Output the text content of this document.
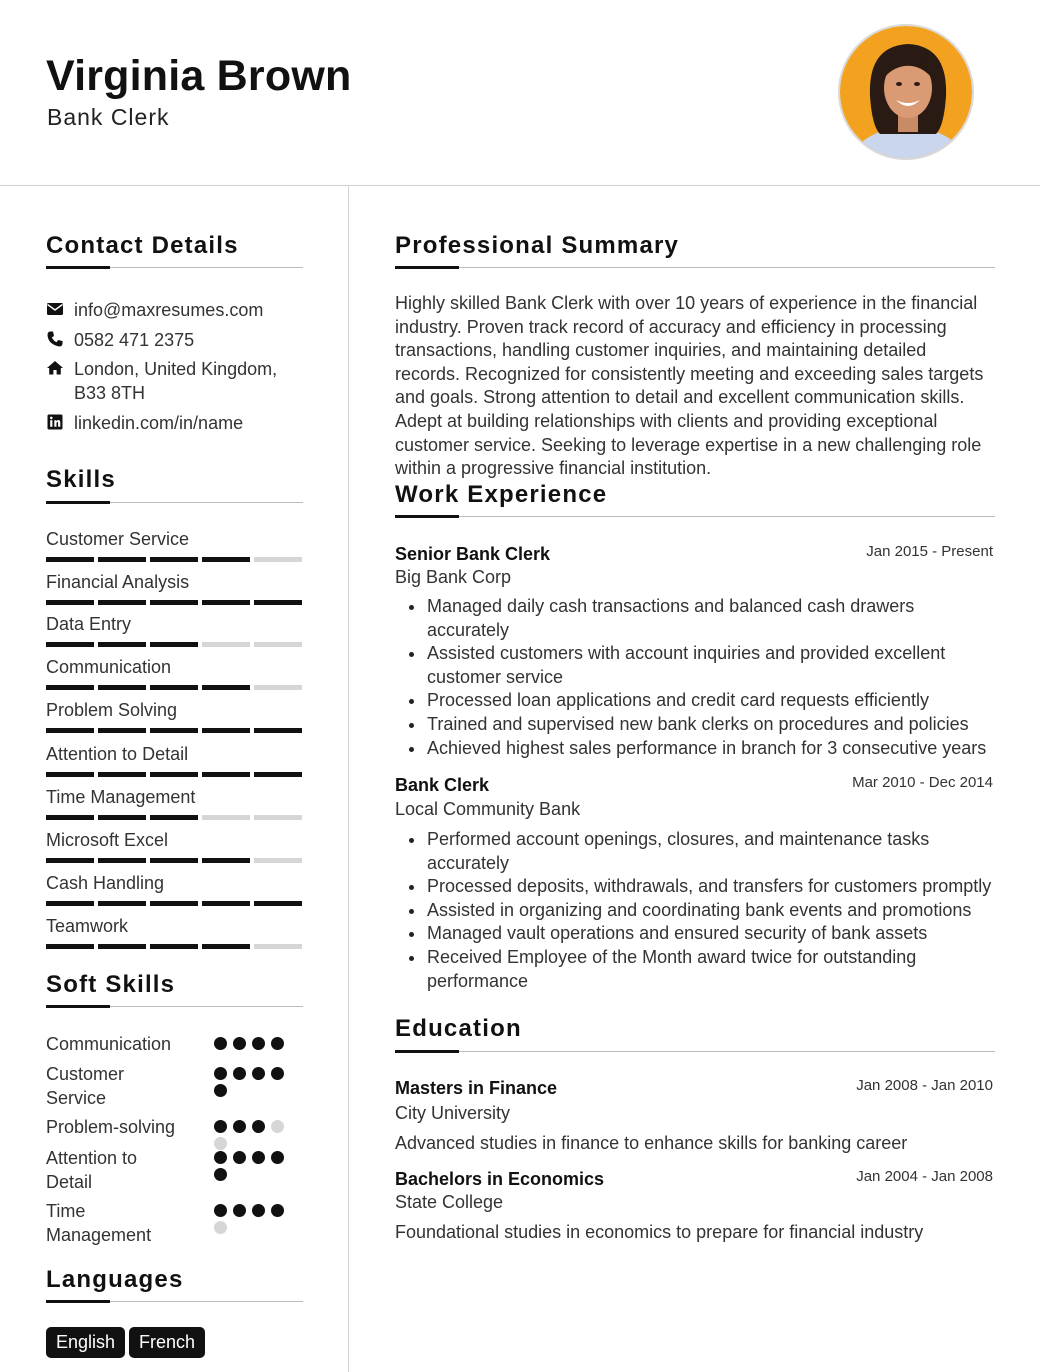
Virginia Brown
Bank Clerk
Contact Details
info@maxresumes.com
0582 471 2375
London, United Kingdom,
B33 8TH
linkedin.com/in/name
Skills
Customer Service
Financial Analysis
Data Entry
Communication
Problem Solving
Attention to Detail
Time Management
Microsoft Excel
Cash Handling
Teamwork
Soft Skills
Communication
Customer
Service
Problem-solving
Attention to
Detail
Time
Management
Languages
English	French
Professional Summary
Highly skilled Bank Clerk with over 10 years of experience in the financial industry. Proven track record of accuracy and efficiency in processing transactions, handling customer inquiries, and maintaining detailed records. Recognized for consistently meeting and exceeding sales targets and goals. Strong attention to detail and excellent communication skills. Adept at building relationships with clients and providing exceptional customer service. Seeking to leverage expertise in a new challenging role within a progressive financial institution.
Work Experience
Senior Bank Clerk	Jan 2015 - Present
Big Bank Corp
Managed daily cash transactions and balanced cash drawers accurately
Assisted customers with account inquiries and provided excellent customer service
Processed loan applications and credit card requests efficiently
Trained and supervised new bank clerks on procedures and policies
Achieved highest sales performance in branch for 3 consecutive years
Bank Clerk	Mar 2010 - Dec 2014
Local Community Bank
Performed account openings, closures, and maintenance tasks accurately
Processed deposits, withdrawals, and transfers for customers promptly
Assisted in organizing and coordinating bank events and promotions
Managed vault operations and ensured security of bank assets
Received Employee of the Month award twice for outstanding performance
Education
Masters in Finance	Jan 2008 - Jan 2010
City University
Advanced studies in finance to enhance skills for banking career
Bachelors in Economics	Jan 2004 - Jan 2008
State College
Foundational studies in economics to prepare for financial industry
